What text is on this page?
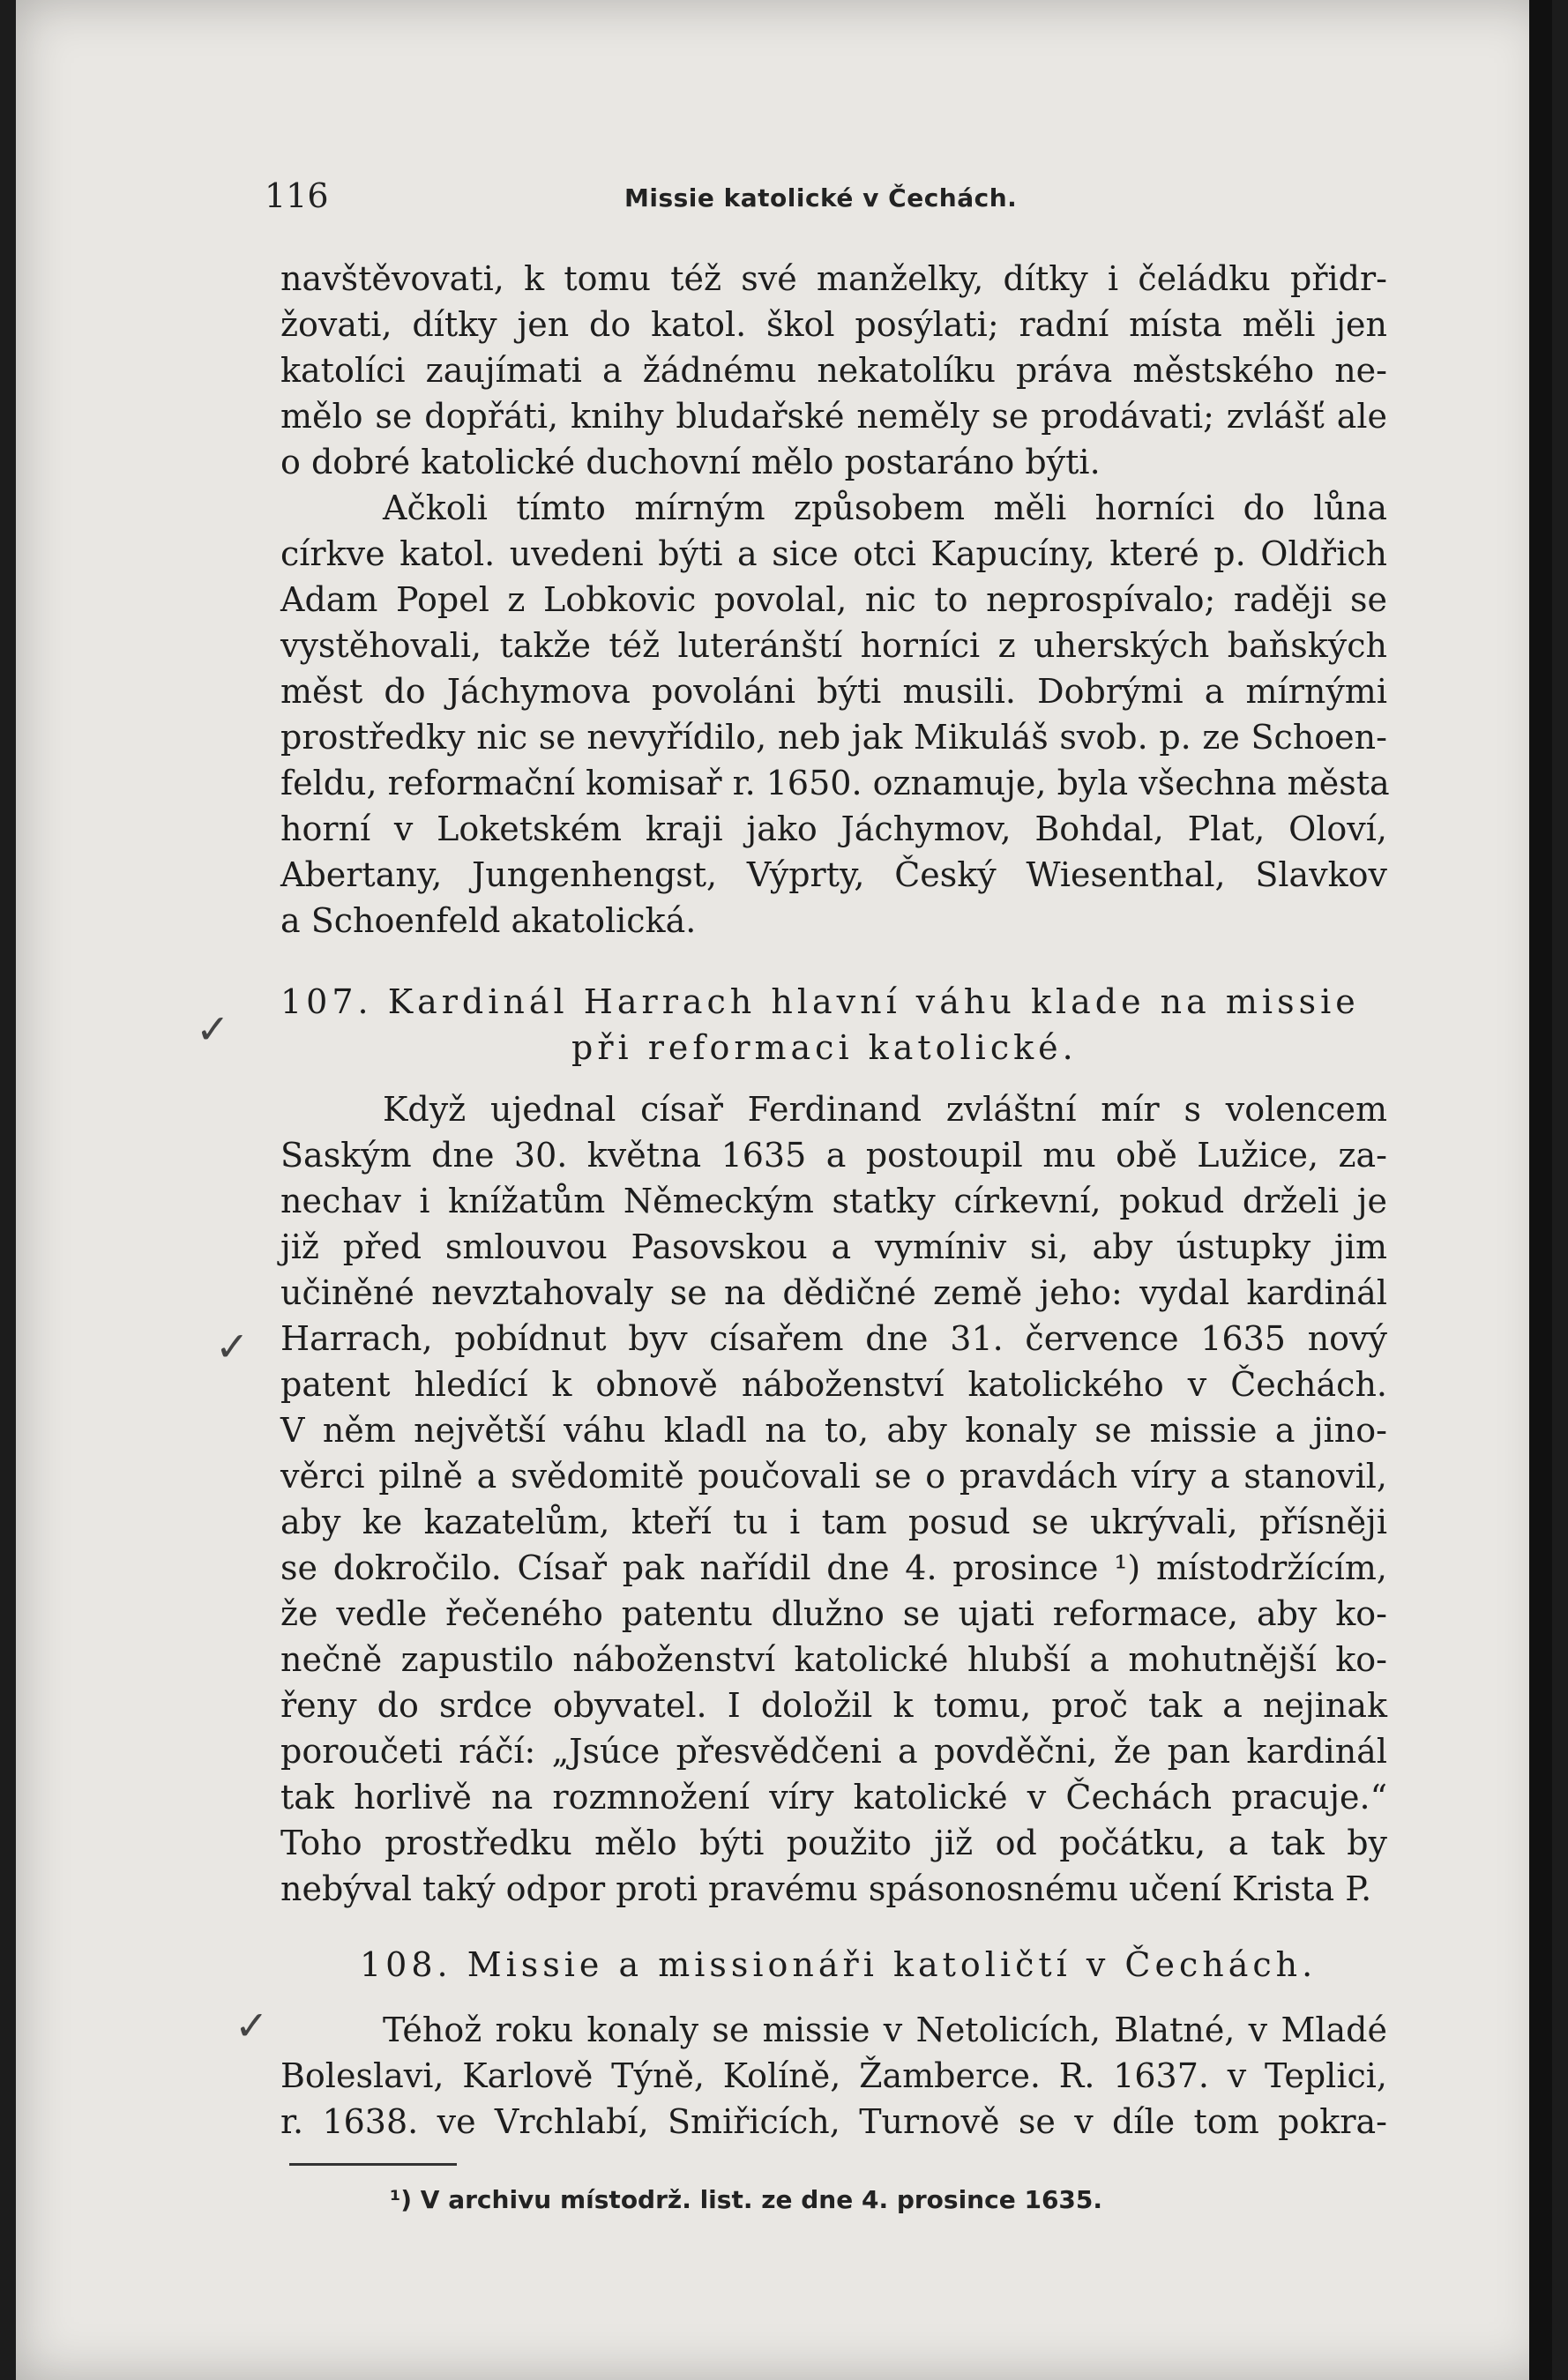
116	Missie katolické v Čechách.
✓
✓
✓
navštěvovati, k tomu též své manželky, dítky i čeládku přidr-
žovati, dítky jen do katol. škol posýlati; radní místa měli jen
katolíci zaujímati a žádnému nekatolíku práva městského ne-
mělo se dopřáti, knihy bludařské neměly se prodávati; zvlášť ale
o dobré katolické duchovní mělo postaráno býti.
Ačkoli tímto mírným způsobem měli horníci do lůna
církve katol. uvedeni býti a sice otci Kapucíny, které p. Oldřich
Adam Popel z Lobkovic povolal, nic to neprospívalo; raději se
vystěhovali, takže též luteránští horníci z uherských baňských
měst do Jáchymova povoláni býti musili. Dobrými a mírnými
prostředky nic se nevyřídilo, neb jak Mikuláš svob. p. ze Schoen-
feldu, reformační komisař r. 1650. oznamuje, byla všechna města
horní v Loketském kraji jako Jáchymov, Bohdal, Plat, Oloví,
Abertany, Jungenhengst, Výprty, Český Wiesenthal, Slavkov
a Schoenfeld akatolická.
107. Kardinál Harrach hlavní váhu klade na missie
při reformaci katolické.
Když ujednal císař Ferdinand zvláštní mír s volencem
Saským dne 30. května 1635 a postoupil mu obě Lužice, za-
nechav i knížatům Německým statky církevní, pokud drželi je
již před smlouvou Pasovskou a vymíniv si, aby ústupky jim
učiněné nevztahovaly se na dědičné země jeho: vydal kardinál
Harrach, pobídnut byv císařem dne 31. července 1635 nový
patent hledící k obnově náboženství katolického v Čechách.
V něm největší váhu kladl na to, aby konaly se missie a jino-
věrci pilně a svědomitě poučovali se o pravdách víry a stanovil,
aby ke kazatelům, kteří tu i tam posud se ukrývali, přísněji
se dokročilo. Císař pak nařídil dne 4. prosince ¹) místodržícím,
že vedle řečeného patentu dlužno se ujati reformace, aby ko-
nečně zapustilo náboženství katolické hlubší a mohutnější ko-
řeny do srdce obyvatel. I doložil k tomu, proč tak a nejinak
poroučeti ráčí: „Jsúce přesvědčeni a povděčni, že pan kardinál
tak horlivě na rozmnožení víry katolické v Čechách pracuje.“
Toho prostředku mělo býti použito již od počátku, a tak by
nebýval taký odpor proti pravému spásonosnému učení Krista P.
108. Missie a missionáři katoličtí v Čechách.
Téhož roku konaly se missie v Netolicích, Blatné, v Mladé
Boleslavi, Karlově Týně, Kolíně, Žamberce. R. 1637. v Teplici,
r. 1638. ve Vrchlabí, Smiřicích, Turnově se v díle tom pokra-
¹) V archivu místodrž. list. ze dne 4. prosince 1635.
